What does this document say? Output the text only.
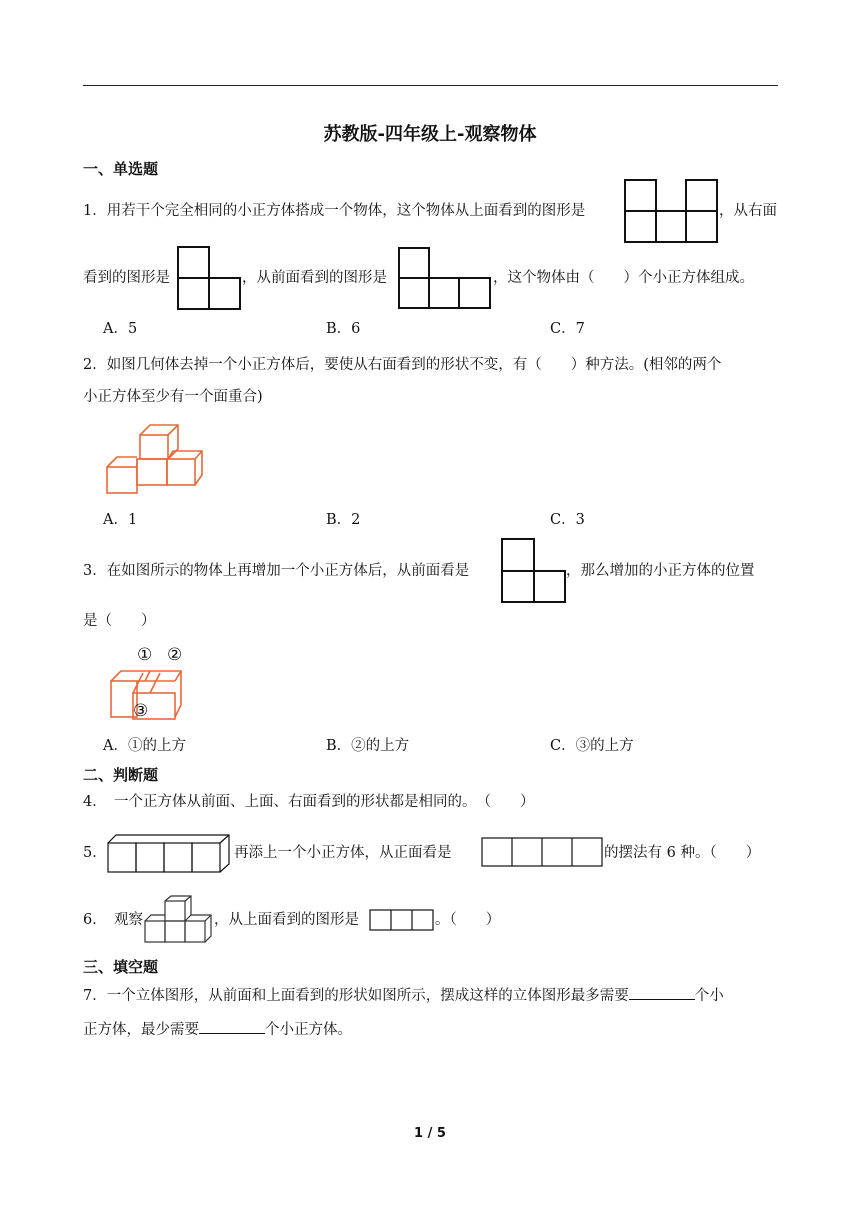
苏教版-四年级上-观察物体
一、单选题
1．用若干个完全相同的小正方体搭成一个物体，这个物体从上面看到的图形是	，从右面
看到的图形是	，从前面看到的图形是	，这个物体由（　　）个小正方体组成。
A．5	B．6	C．7
2．如图几何体去掉一个小正方体后，要使从右面看到的形状不变，有（　　）种方法。(相邻的两个
小正方体至少有一个面重合)
A．1	B．2	C．3
3．在如图所示的物体上再增加一个小正方体后，从前面看是	，那么增加的小正方体的位置
是（　　）
① ②
③
A．①的上方	B．②的上方	C．③的上方
二、判断题
4．　一个正方体从前面、上面、右面看到的形状都是相同的。　（　　）
5．	再添上一个小正方体，从正面看是	的摆法有 6 种。（　　）
6．　观察	，从上面看到的图形是	。（　　）
三、填空题
7．一个立体图形，从前面和上面看到的形状如图所示，摆成这样的立体图形最多需要	个小
正方体，最少需要	个小正方体。
1 / 5
